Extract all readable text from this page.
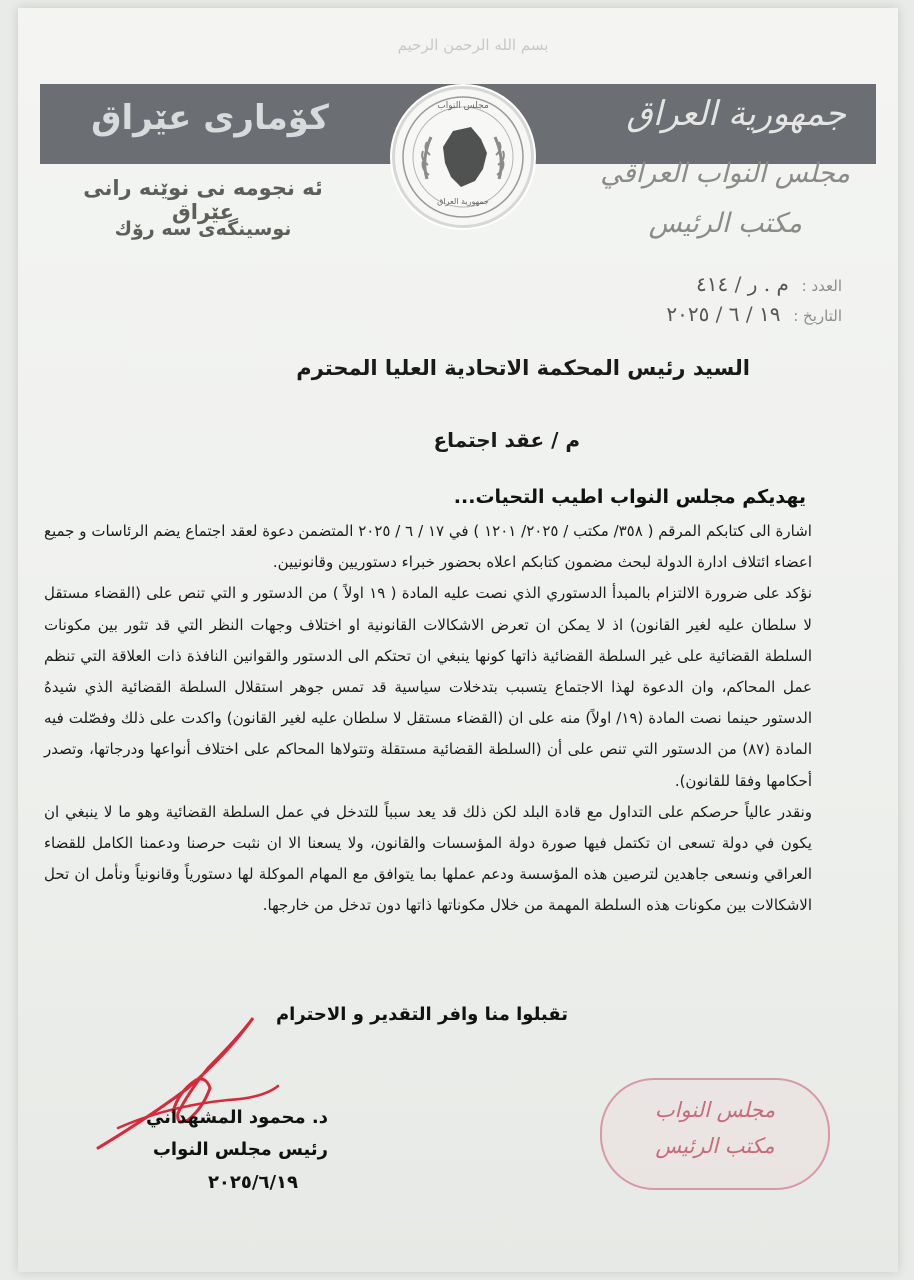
بسم الله الرحمن الرحيم
كۆماری عێراق	جمهورية العراق
مجلس النواب
جمهورية العراق
ئه نجومه نی نوێنه رانی عێراق
نوسینگه‌ی سه رۆك
مجلس النواب العراقي
مكتب الرئيس
العدد : م . ر / ٤١٤
التاريخ : ١٩ / ٦ / ٢٠٢٥
السيد رئيس المحكمة الاتحادية العليا المحترم
م / عقد اجتماع
يهديكم مجلس النواب اطيب التحيات...

اشارة الى كتابكم المرقم ( ٣٥٨/ مكتب / ٢٠٢٥/ ١٢٠١ ) في ١٧ / ٦ / ٢٠٢٥ المتضمن دعوة لعقد اجتماع يضم الرئاسات و جميع اعضاء ائتلاف ادارة الدولة لبحث مضمون كتابكم اعلاه بحضور خبراء دستوريين وقانونيين.

نؤكد على ضرورة الالتزام بالمبدأ الدستوري الذي نصت عليه المادة ( ١٩ اولاً ) من الدستور و التي تنص على (القضاء مستقل لا سلطان عليه لغير القانون) اذ لا يمكن ان تعرض الاشكالات القانونية او اختلاف وجهات النظر التي قد تثور بين مكونات السلطة القضائية على غير السلطة القضائية ذاتها كونها ينبغي ان تحتكم الى الدستور والقوانين النافذة ذات العلاقة التي تنظم عمل المحاكم، وان الدعوة لهذا الاجتماع يتسبب بتدخلات سياسية قد تمس جوهر استقلال السلطة القضائية الذي شيدهُ الدستور حينما نصت المادة (١٩/ اولاً) منه على ان (القضاء مستقل لا سلطان عليه لغير القانون) واكدت على ذلك وفصّلت فيه المادة (٨٧) من الدستور التي تنص على أن (السلطة القضائية مستقلة وتتولاها المحاكم على اختلاف أنواعها ودرجاتها، وتصدر أحكامها وفقا للقانون).

ونقدر عالياً حرصكم على التداول مع قادة البلد لكن ذلك قد يعد سبباً للتدخل في عمل السلطة القضائية وهو ما لا ينبغي ان يكون في دولة تسعى ان تكتمل فيها صورة دولة المؤسسات والقانون، ولا يسعنا الا ان نثبت حرصنا ودعمنا الكامل للقضاء العراقي ونسعى جاهدين لترصين هذه المؤسسة ودعم عملها بما يتوافق مع المهام الموكلة لها دستورياً وقانونياً ونأمل ان تحل الاشكالات بين مكونات هذه السلطة المهمة من خلال مكوناتها ذاتها دون تدخل من خارجها.

تقبلوا منا وافر التقدير و الاحترام
د. محمود المشهداني
رئيس مجلس النواب
٢٠٢٥/٦/١٩
مجلس النواب
مكتب الرئيس
